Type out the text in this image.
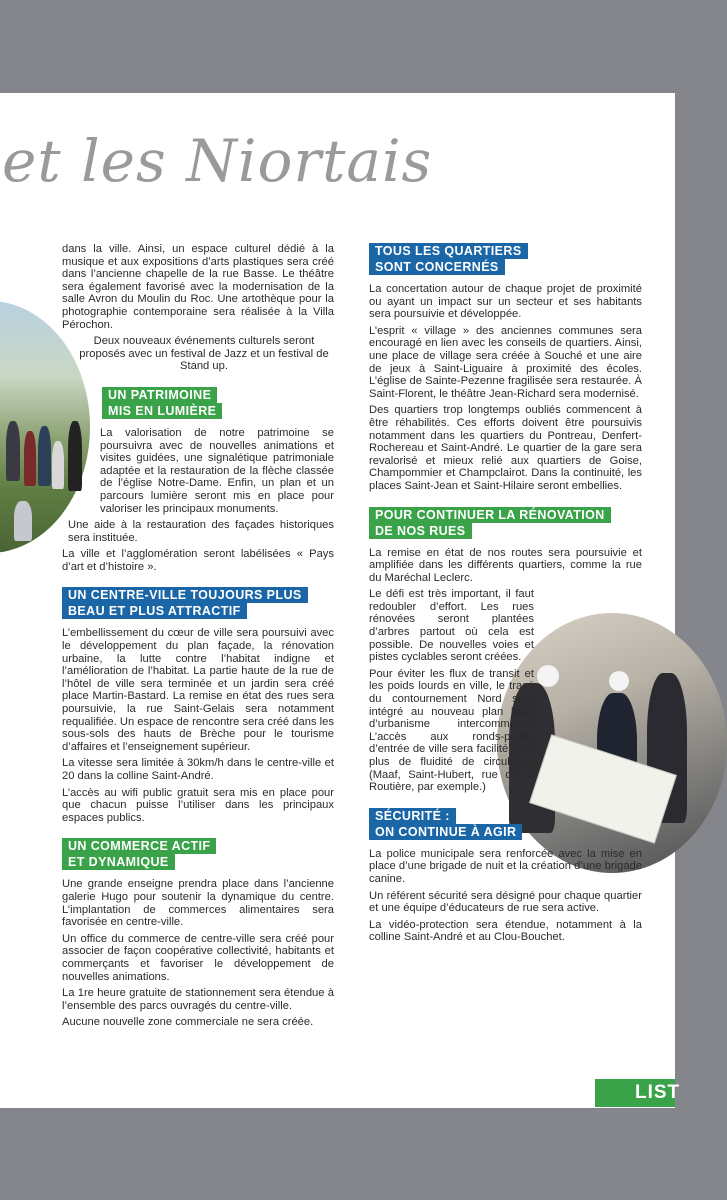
et les Niortais

dans la ville. Ainsi, un espace culturel dédié à la musique et aux expositions d’arts plastiques sera créé dans l’ancienne chapelle de la rue Basse. Le théâtre sera également favorisé avec la modernisation de la salle Avron du Moulin du Roc. Une artothèque pour la photographie contemporaine sera réalisée à la Villa Pérochon.

Deux nouveaux événements culturels seront proposés avec un festival de Jazz et un festival de Stand up.

UN PATRIMOINE
MIS EN LUMIÈRE

La valorisation de notre patrimoine se poursuivra avec de nouvelles animations et visites guidées, une signalétique patrimoniale adaptée et la restauration de la flèche classée de l’église Notre-Dame. Enfin, un plan et un parcours lumière seront mis en place pour valoriser les principaux monuments.

Une aide à la restauration des façades historiques sera instituée.

La ville et l’agglomération seront labélisées « Pays d’art et d’histoire ».

UN CENTRE-VILLE TOUJOURS PLUS
BEAU ET PLUS ATTRACTIF

L’embellissement du cœur de ville sera poursuivi avec le développement du plan façade, la rénovation urbaine, la lutte contre l’habitat indigne et l’amélioration de l’habitat. La partie haute de la rue de l’hôtel de ville sera terminée et un jardin sera créé place Martin-Bastard. La remise en état des rues sera poursuivie, la rue Saint-Gelais sera notamment requalifiée. Un espace de rencontre sera créé dans les sous-sols des hauts de Brèche pour le tourisme d’affaires et l’enseignement supérieur.

La vitesse sera limitée à 30km/h dans le centre-ville et 20 dans la colline Saint-André.

L’accès au wifi public gratuit sera mis en place pour que chacun puisse l’utiliser dans les principaux espaces publics.

UN COMMERCE ACTIF
ET DYNAMIQUE

Une grande enseigne prendra place dans l’ancienne galerie Hugo pour soutenir la dynamique du centre. L’implantation de commerces alimentaires sera favorisée en centre-ville.

Un office du commerce de centre-ville sera créé pour associer de façon coopérative collectivité, habitants et commerçants et favoriser le développement de nouvelles animations.

La 1re heure gratuite de stationnement sera étendue à l’ensemble des parcs ouvragés du centre-ville.

Aucune nouvelle zone commerciale ne sera créée.

TOUS LES QUARTIERS
SONT CONCERNÉS

La concertation autour de chaque projet de proximité ou ayant un impact sur un secteur et ses habitants sera poursuivie et développée.

L’esprit « village » des anciennes communes sera encouragé en lien avec les conseils de quartiers. Ainsi, une place de village sera créée à Souché et une aire de jeux à Saint-Liguaire à proximité des écoles. L’église de Sainte-Pezenne fragilisée sera restaurée. À Saint-Florent, le théâtre Jean-Richard sera modernisé.

Des quartiers trop longtemps oubliés commencent à être réhabilités. Ces efforts doivent être poursuivis notamment dans les quartiers du Pontreau, Denfert-Rochereau et Saint-André. Le quartier de la gare sera revalorisé et mieux relié aux quartiers de Goise, Champommier et Champclairot. Dans la continuité, les places Saint-Jean et Saint-Hilaire seront embellies.

POUR CONTINUER LA RÉNOVATION
DE NOS RUES

La remise en état de nos routes sera poursuivie et amplifiée dans les différents quartiers, comme la rue du Maréchal Leclerc.

Le défi est très important, il faut redoubler d’effort. Les rues rénovées seront plantées d’arbres partout où cela est possible. De nouvelles voies et pistes cyclables seront créées.

Pour éviter les flux de transit et les poids lourds en ville, le tracé du contournement Nord sera intégré au nouveau plan local d’urbanisme intercommunal. L’accès aux ronds-points d’entrée de ville sera facilité pour plus de fluidité de circulation (Maaf, Saint-Hubert, rue de la Routière, par exemple.)

SÉCURITÉ :
ON CONTINUE À AGIR

La police municipale sera renforcée avec la mise en place d’une brigade de nuit et la création d’une brigade canine.

Un référent sécurité sera désigné pour chaque quartier et une équipe d’éducateurs de rue sera active.

La vidéo-protection sera étendue, notamment à la colline Saint-André et au Clou-Bouchet.

LIST
